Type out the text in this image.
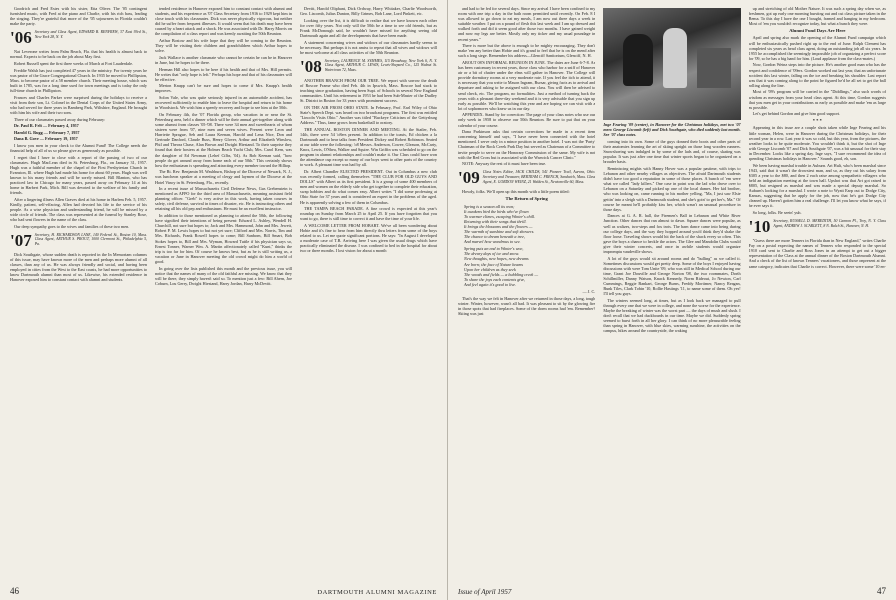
Goodrich and Fred Estes with his sister, Etta Oliver. The '05 contingent furnished music, with Fred at the piano and Charlie, with his rich bass, leading the singing. They're grateful that more of the '05 sojourners in Florida couldn't make the party.

'06 Secretary and Class Agent, EDWARD B. RENFREW, 37 East 93rd St., New York 28, N. Y.

Nat Leverone writes from Palm Beach, Fla. that his health is almost back to normal. Expects to be back on the job about May first.

Robert Russell spent the first three weeks of March at Fort Lauderdale.

Freddie Walsh has just completed 47 years in the ministry. For twenty years he was pastor of the Grace Congregational Church. In 1935 he moved to Phillipston, Mass. to become pastor of a 58 member church. Their meeting house, which was built in 1785, was for a long time used for town meetings and is today the only full-time church in Phillipston.

Frances and Charles Parker were surprised during the holidays to receive a visit from their son, Lt. Colonel in the Dental Corps of the United States Army, who had served for three years in Bamberg Park, Wiltshire, England. He brought with him his wife and their two sons.

Three of our classmates passed away during February:

Dr. Paul R. Felt — February 4, 1957

Harold G. Rugg — February 7, 1957

Dana B. Gove — February 19, 1957

I know you men in your check to the Alumni Fund! The College needs the financial help of all of us so please give as generously as possible.

I regret that I have to close with a report of the passing of two of our classmates. Hugh MacLean died in St. Petersburg, Fla., on January 31, 1957. Hugh was a faithful member of the chapel of the First Presbyterian Church in Evanston, Ill. where Hugh had made his home for about 60 years. Hugh was well known to his many friends and will be sorely missed. Bill Blanton, who has practiced law in Chicago for many years, passed away on February 14 at his home in Harbert Park, Mich. Bill was devoted to the welfare of his family and friends.

After a lingering illness Allen Graves died at his home in Harlem Feb. 5, 1957. Kindly, patient, self-effacing, Allen had devoted his life to the service of his people. As a wise physician and understanding friend, he will be missed by a wide circle of friends. The class was represented at the funeral by Stanley Rose, who had sent flowers in the name of the class.

Our deep sympathy goes to the wives and families of these two men.

'07 Secretary, H. RICHARDSON LANE, 140 Federal St., Boston 10, Mass. Class Agent, ARTHUR S. PROUT, 1000 Clermont St., Philadelphia 5, Pa.

Dick Southgate, whose sudden death is reported in the In Memoriam columns of this issue, may have known more of the men and perhaps more alumni of all classes, than any of us. He was always friendly and social, and having been employed in cities from the West to the East coasts, he had more opportunities to know Dartmouth alumni than most of us. Likewise, his extended residence in Hanover exposed him to constant contact with alumni and students.

tended residence in Hanover exposed him to constant contact with alumni and students, and his experience as '07 Class Secretary from 1916 to 1929 kept him in close touch with his classmates. Dick was never physically vigorous, but neither did he suffer from frequent illnesses. It would seem that his death may have been caused by a heart attack and a shock. He was associated with Dr. Harry Morris on the compilation of a class report and was keenly awaiting the 50th Reunion.

Arthur Bostow and his wife hope that they will be coming to the Reunion. They will be visiting their children and grandchildren which Arthur hopes to solve.

Jack Wallace is another classmate who cannot be certain he can be in Hanover in June, but he hopes to be there.

Herman Hill also hopes to be here if his health and that of Mrs. Hill permits. He writes that "only hope is left." Perhaps his hope and that of his classmates will be effective.

Merton Knapp can't be sure and hopes to come if Mrs. Knapp's health improves.

Solon Vale, who was quite seriously injured in an automobile accident, has recovered sufficiently to enable him to leave the hospital and return to his home in Woodstock. We wish him a speedy recovery and hope to see him at the 50th.

On February 4th, the '07 Florida group, who vacation in or near the St. Petersburg area, held a dinner which will be their annual get-together along with some alumni from classes '05-'08. There were 34 men and sweethearts of whom sixteen were from '07, nine men and seven wives. Present were Leon and Harriette Sprague, Seb and Laura Keenan, Harold and Lena Nice, Don and Gertrude Danford, Claude Buss, Henry Glover, Arthur and Elizabeth Winslow, Phil and Theora Chase, Alan Brown and Dwight Hiestand. To their surprise they found that their hostess at the Holmes Beach Yacht Club, Mrs. Carol Kern, was the daughter of Ed Newman (Lehef Cilbs, '04). As Bob Keenan said, "how people do get around away from home each of our 50th." This certainly shows how the enthusiasm is spreading and attracting every member toward the Hilltop.

The Rt. Rev. Benjamin M. Washburn, Bishop of the Diocese of Newark, N. J., was luncheon speaker at a meeting of clergy and laymen of the Diocese at the Hotel Vinoy in St. Petersburg, Fla., recently.

In a recent issue of Massachusetts Civil Defense News, Gus Grebenstein is mentioned as AFPO for the third area of Massachusetts, meaning assistant field planning officer. "Greb" is very active in this work, having taken courses in safety, civil defense, survival in times of disaster, etc. He is instructing others and retaining all his old pep and enthusiasm. He must be an excellent instructor.

In addition to those mentioned as planning to attend the 50th, the following have signified their intentions of being present: Edward L. Ashley, Wendell H. Churchill, not sure but hopes to; Jack and Mrs. Hammond, John and Mrs. Jewett, Robert P. M. Lewis hopes to but not yet sure; Clifford and Mrs. Norris, Tim and Mrs. Richards, Frank Rowell hopes to come; Bill Sanborn, Bill Smart, Bob Stokes hopes to, Bill and Mrs. Wyman, Howard Tuttle if his physician says so, Ernest Tonner, Warner Wm. A. Martin affectionately called "Kunt," thinks the trip is too far for him. Of course he knows best, but as he is still writing us, a vacation or June in Hanover meeting the old crowd might do him a world of good.

In going over the lists published this month and the previous issue, you will notice that the names of many of the old faithful are missing. We know that they will be there, they simply haven't said so. To mention just a few: Bill Ahern, Joe Coburn, Lou Gerry, Dwight Hiestand, Harry Jordan, Harry McDevitt.

Devitt, Harold Oliphant, Dick Ordway, Harry Whitaker, Charlie Woodworth, Geo. Liscomb, Julius Dunton, Billy Grimes, Bob Lane, Lord Pinkett, etc.

Looking over the list, it is difficult to realize that we have known each other for over fifty years. Not only will the 50th be a time to see old friends, but as Frank McDonough said, he wouldn't have missed for anything seeing old Dartmouth again and all the developments that have been made.

A statement concerning wives and widows of our classmates hardly seems to be necessary. But perhaps it is not amiss to repeat that all wives and widows will be most welcome at all class activities of the 50th Reunion.

'08 Secretary, LAURENCE M. SYMMES, 115 Broadway, New York 6, N. Y. Class Agent, ARTHUR C. LEWIS, Lewis-Shepard Co., 125 Walnut St. Watertown 72, Mass.

ANOTHER BRANCH FROM OUR TREE. We report with sorrow the death of Roscoe Frame who died Feb. 4th in Ipswich, Mass. Roscoe had stuck to teaching since graduation, having been Supt. of Schools in several New England communities. Until his retirement in 1953 he had been Sub-Master of the Dudley St. District in Boston for 33 years with prominent success.

ON THE AIR FROM OHIO STATE. In February, Prof. Earl Wiley of Ohio State's Speech Dept. was heard on two broadcast programs. The first was entitled "Lincoln Visits Ohio." Another was titled "Buckeye Criticism of the Gettysburg Address." Thus, fame grows from basketball to oratory.

THE ANNUAL BOSTON DINNER AND MEETING. At the Statler, Feb. 14th, there were 54 'o8ers present. In addition to the toasts, Ed chicken a la Dartmouth and to hear talks from President Dickey and Robert Robinson. Seated at our table were the following: 'o8 Messrs. Anderson, Cowee, Gleason, McCarty, Knox, Lewis, O'Shea, Walker and Squire. Win Griffin was scheduled to go on the program in alumni relationships and couldn't make it. Our Class could have won the attendance cup except so many of our boys went to other parts of the country to work. A pleasant time was had by all.

Dr. Albert Chandler ELECTED PRESIDENT. Out in Columbus a new club was recently formed, calling themselves "THE CLUB FOR OLD GUYS AND DOLLS" with Albert as its first president. It is a group of some 400 members of men and women on the elderly side who get together to complete their education, swap hobbies and do what comes easy. Albert writes "I did some professing at Ohio State for 37 years and is considered an expert in the problems of the aged. He is apparently solving a few of them in Columbus.

THE TAMPA BEACH PARADE. A fine crowd is expected at this year's roundup on Sunday from March 25 to April 25. If you have forgotten that you want to go, there is still time to correct it and have the time of your life.

A WELCOME LETTER FROM HOBART. We've all been wondering about Hobie and it's fine to hear from him directly thru letters from some of the boys related to us. Let me quote significant portions. He says: "In August I developed a moderate case of T.B. Arriving here I was given the usual drugs which have practically eliminated the disease. I was confined to bed in the hospital for about two or three months. I lost vision for about a month

46	DARTMOUTH ALUMNI MAGAZINE

and had to be fed for several days. Since my arrival I have been confined to my room with one trip a day in the bath room permitted until recently. On Feb. 8 I was allowed to go down to eat my meals, I am now out three days a week in suitable weather. I put on a pound of flesh this last week and I am up dressed and walked forth and did it seem good after those two months. I have gained weight and now my legs are better. Mostly only my ticker and my usual poundage in recent years."

There is more but the above is enough to be mighty encouraging. They don't make 'em any better than Hobie and it's grand to feel that he is on the mend after such a long siege. Remember his address—Glenciff Sanitorium, Glenciff, N. H.

ABOUT 08'S INFORMAL REUNION IN JUNE. The dates are June 6-7-8. As has been customary in recent years, those class who harbor for a sniff of Hanover air or a bit of chatter under the elms will gather in Hanover. The College will provide dormitory rooms at a very moderate rate. If you feel the itch to attend, it is necessary that you write to Mason Ingram, Bursar, giving facts as to arrival and departure and asking to be assigned with our class. You will then be advised to send check, etc. The program, no formalities. Just a method of turning back the years with a pleasant three-day weekend and it is very advisable that you sign up early as possible. We'll be watching this year and are hoping we can visit with a lot of sophomores who knew us in our day.

APPENDIX. Stand by for correction: The page of your class notes who use our only week in 1958 to observe our 50th Reunion. Be sure to put that on your calendar of your course.

Dana Parkinson asks that certain corrections be made in a recent item concerning himself and says, "I have never been connected with the hotel mentioned. I serve only in a minor position in another hotel. I was not the 'Party' Chairman of the Rock Creek Park Day but served as Chairman of a Committee to invite people to serve on the Honorary Commission of the same. My wife is not with the Red Cross but is associated with the Warwick Cancer Clinic."

NOTE: Anyway the rest of it must have been true.

'09 Class Notes Editor, JACK CHILDS, 541 Pioneer Trail, Aurora, Ohio. Secretary and Treasurer, BERTRAM C. FRENCH, Sandwich, Mass. Class Agent, E. GORDON WEINZ, 21 Walden St., Newtonville 60, Mass.

Howdy, folks. We'll open up this month with a little poem titled:

The Return of Spring

Spring is a season all its own;

It awakens bird the birds who've flown

To warmer climes, escaping Winter's chill.

Returning with their songs that thrill.

It brings the blossoms and the flowers —

The warmth of sunshine and soft showers.

The chance to dream beneath a tree,

And marvel how wondrous to see.

Spring puts an end to Winter's woe,

The dreary days of ice and snow.

New thoughts, new hopes, new dreams

Are born; the face of Nature beams

Upon her children as they seek

The woods and fields — a bubbling creek —

To share the joys each contents give,

And feel again it's good to live.

— J. C.

That's the way we felt in Hanover after we returned in those days, a long, tough winter. Winter, however, wasn't all bad. It was pleasant to sit by the glowing fire in those spots that had fireplaces. Some of the dorm rooms had 'em. Remember? Skiing was just

Inge Fearing '09 (center), in Hanover for the Christmas holidays, met two '07 men: George Liscomb (left) and Dick Southgate, who died suddenly last month. See '07 class notes.

coming into its own. Some of the guys donned their boots and other parts of their anatomies learning the art of skiing upright on those long wooden runners. Snowshoeing was indulged in by some of the lads and, of course, skating was popular. It was just after one time that winter sports began to be organized on a broader basis.

Reminiscing mights with Hanny Hover was a popular pastime, with trips to Lebanon and other nearby villages as objectives. The afraid Dartmouth students didn't have too good a reputation in some of those places. A bunch of 'em were what we called "lady killers." One case in point was the lad who drove over to Lebanon on a Saturday and picked up one of the local dames. Her kid brother, who was looking on, came running to his mother yelling, "Ma, I just saw Elsie gettin' into a sleigh with a Dartmouth student, and she's goin' to get her's, Ma." Of course he meant he'll probably kiss her, which wasn't an unusual procedure in those days.

Dances at G. A. R. hall, the Firemen's Ball in Lebanon and White River Junction. Other dances that ran almost to dawn. Square dances were popular, as well as waltzes, two-steps and fox trots. The barn dance came into being during our college days, and the way they hopped around you'd think they'd shake the floor loose. Traveling shows would hit the back of the shack every so often. This gave the boys a chance to heckle the actors. The Glee and Mandolin Clubs would give their winter concerts, and once in awhile students would organize impromptu vaudeville shows.

A lot of the guys would sit around rooms and do "bulling" as we called it. Sometimes discussions would get pretty deep. Some of the boys I enjoyed having discussions with were Tom Unite '09, who was still in Medical School during our time, Grant Joe Douville and George Norton '08, the two roommates, Dorth Schillmiller, Danny Watson, Knack Kennedy, Norm Rideout, Jo Newton, Carl Cummings, Reggie Bankart, George Burns, Freddy Mortimer, Nancy Reagan, Bunk Tiles, Clark Tobin '10, Rollie Hastings '11, to name some of them. Oh yes! I'll tell you guys.

The winters seemed long, at times, but as I look back we managed to pull through every one that we were in college, and none the worse for the experience. Maybe the breaking of winter was the worst part — the days of mush and slush. I don't recall that we had duckboards in our time. Maybe we did. Suddenly spring seemed to burst forth in all her glory. I can think of no more pleasurable feeling than spring in Hanover, with blue skies, warming sunshine, the activities on the campus, hikes around the countryside, the waking

up and stretching of old Mother Nature. It was such a spring day when we, as freshmen, got up early one morning bursting out and cut class picture taken in the Bema. To this day I have the one I bought, framed and hanging in my bedroom. Most of 'em you wouldn't recognize today, but what a bunch they were.

Alumni Fund Days Are Here

April and spring also mark the opening of the Alumni Fund campaign which will be enthusiastically pushed right up to the end of June. Ralph Clement has completed six years as head class agent, doing an outstanding job all six years. In 1955 he accomplished the seemingly impossible job of organizing a perfect score for '09, so he has a big hand for him. (Loud applause from the class-mates.)

Now, Gordon Weinz steps into the picture. He's another good man who has the respect and confidence of '09ers. Gordon worked out last year, that an unfortunate accident this last winter, falling on the ice and breaking his shoulder. Last report was that it was coming along to the point he figured he'd be all set to get the ball rolling along the line.

Most of '09's program will be carried in the "Diddlings," also such words of wisdom as messages from your head class agent. At this time, Gordon suggests that you men get in your contributions as early as possible and make 'em as large as possible.

Let's get behind Gordon and give him good support.

* * *

Appearing in this issue are a couple shots taken while Inge Fearing and his little woman, Helen, were in Hanover during the Christmas holidays, for their second year in a row. Last year it was so cold, but this year, from the pictures, the weather looks to be quite moderate. You wouldn't think it, but the shot of Inge with George Liscomb '07 and Dick Southgate '07, was a bit unusual for their stay in December. Looks like a spring day. Inge says, "I sure recommend the idea of spending Christmas holidays in Hanover." Sounds good, eh, son.

We been having marshal trouble in Auburn. Ari Hult, who's been marshal since 1943, said that it wasn't the drowsiest man, and so, as they cut his salary from $305 a year to the $80, and then 2 each raise among sympathetic villagers who held an indignation meeting at the town hall. Upshot was that Art got raised to $805, but resigned as marshal and was made a special deputy marshal. So Auburn's looking for a marshal. I wrote a note to Wyatt Earp out to Dodge City, Kansas, suggesting that he apply for the job, now that he's got Dodge City cleaned up. Haven't gotten him a real challenge. I'll let you know what he says, if he ever says it.

So long, folks. Be seein' yuh.

'10 Secretary, RUSSELL D. MEREDITH, 50 Cannon Pl., Troy, N. Y. Class Agent, ANDREW J. SCARLETT, 8 N. Balch St., Hanover, N. H.

"Guess there are more Tenners in Florida than in New England," writes Charlie Fay on a postal expecting the names of Tenners who responded to the special 1910 card sent to Charlie and Ross Jones in an attempt to get out a bigger representation of the Class at the annual dinner of the Boston Dartmouth Alumni. And a check of the list of known Tenners' vacationers, and those onpresent at the same category, indicates that Charlie is correct. However, there were some '10 en-

Issue of April 1957	47
